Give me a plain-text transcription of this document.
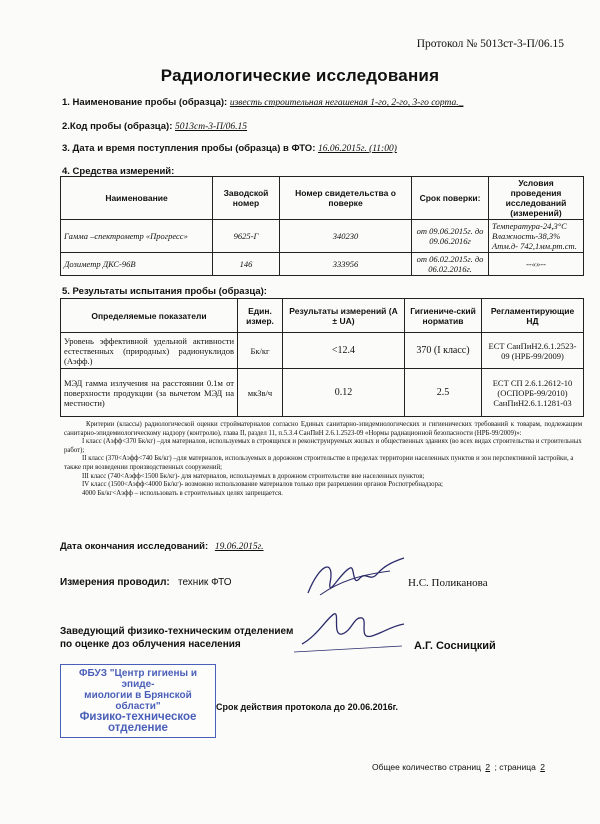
Протокол № 5013ст-3-П/06.15
Радиологические исследования
1. Наименование пробы (образца): известь строительная негашеная 1-го, 2-го, 3-го сорта._
2.Код пробы (образца): 5013ст-3-П/06.15
3. Дата и время поступления пробы (образца) в ФТО: 16.06.2015г. (11:00)
4. Средства измерений:
Наименование	Заводской номер	Номер свидетельства о поверке	Срок поверки:	Условия проведения исследований (измерений)
Гамма –спектрометр «Прогресс»	9625-Г	340230	от 09.06.2015г. до 09.06.2016г	Температура-24,3°С Влажность-38,3% Атм.д- 742,1мм.рт.ст.
Дозиметр ДКС-96В	146	333956	от 06.02.2015г. до 06.02.2016г.	--«»--
5. Результаты испытания пробы (образца):
Определяемые показатели	Един. измер.	Результаты измерений (A ± UA)	Гигиениче-ский норматив	Регламентирующие НД
Уровень эффективной удельной активности естественных (природных) радионуклидов (Аэфф.)	Бк/кг	<12.4	370 (I класс)	ЕСТ СанПиН2.6.1.2523-09 (НРБ-99/2009)
МЭД гамма излучения на расстоянии 0.1м от поверхности продукции (за вычетом МЭД на местности)	мкЗв/ч	0.12	2.5	ЕСТ СП 2.6.1.2612-10 (ОСПОРБ-99/2010) СанПиН2.6.1.1281-03
Критерии (классы) радиологической оценки стройматериалов согласно Единых санитарно-эпидемиологических и гигиенических требований к товарам, подлежащим санитарно-эпидемиологическому надзору (контролю), глава II, раздел 11, п.5.3.4 СанПиН 2.6.1.2523-09 «Нормы радиационной безопасности (НРБ-99/2009)»:
I класс (Аэфф<370 Бк/кг) –для материалов, используемых в строящихся и реконструируемых жилых и общественных зданиях (во всех видах строительства и строительных работ);
II класс (370<Аэфф<740 Бк/кг) –для материалов, используемых в дорожном строительстве в пределах территории населенных пунктов и зон перспективной застройки, а также при возведении производственных сооружений;
III класс (740<Аэфф<1500 Бк/кг)- для материалов, используемых в дорожном строительстве вне населенных пунктов;
IV класс (1500<Аэфф<4000 Бк/кг)- возможно использование материалов только при разрешении органов Роспотребнадзора;
4000 Бк/кг<Аэфф – использовать в строительных целях запрещается.
Дата окончания исследований: 19.06.2015г.
Измерения проводил: техник ФТО	Н.С. Поликанова
Заведующий физико-техническим отделением
по оценке доз облучения населения	А.Г. Сосницкий
ФБУЗ "Центр гигиены и эпиде-
миологии в Брянской области"
Физико-техническое
отделение
Срок действия протокола до 20.06.2016г.
Общее количество страниц 2 ; страница 2
